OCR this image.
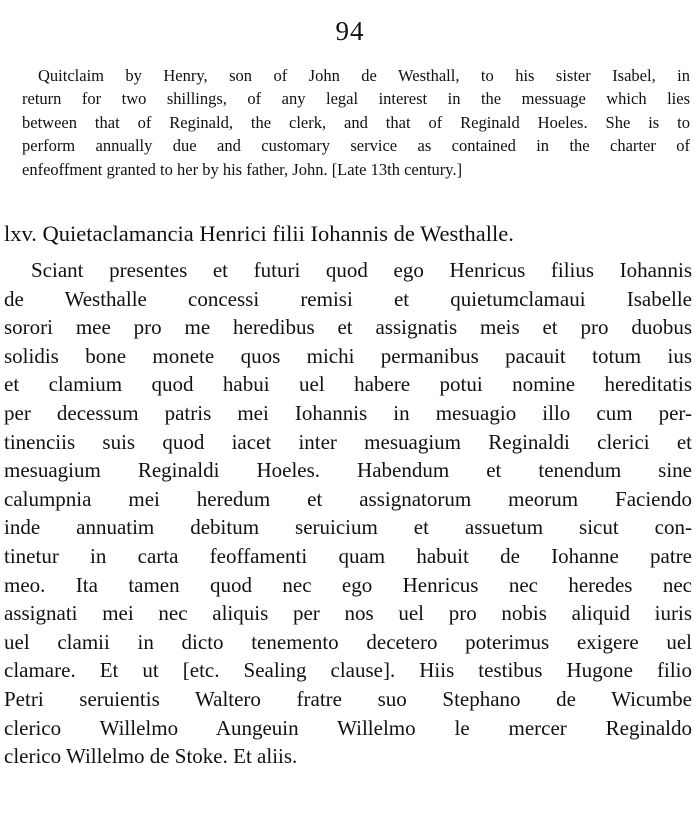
94
Quitclaim by Henry, son of John de Westhall, to his sister Isabel, in
return for two shillings, of any legal interest in the messuage which lies
between that of Reginald, the clerk, and that of Reginald Hoeles. She is to
perform annually due and customary service as contained in the charter of
enfeoffment granted to her by his father, John. [Late 13th century.]
lxv. Quietaclamancia Henrici filii Iohannis de Westhalle.
Sciant presentes et futuri quod ego Henricus filius Iohannis
de Westhalle concessi remisi et quietumclamaui Isabelle
sorori mee pro me heredibus et assignatis meis et pro duobus
solidis bone monete quos michi permanibus pacauit totum ius
et clamium quod habui uel habere potui nomine hereditatis
per decessum patris mei Iohannis in mesuagio illo cum per-
tinenciis suis quod iacet inter mesuagium Reginaldi clerici et
mesuagium Reginaldi Hoeles. Habendum et tenendum sine
calumpnia mei heredum et assignatorum meorum Faciendo
inde annuatim debitum seruicium et assuetum sicut con-
tinetur in carta feoffamenti quam habuit de Iohanne patre
meo. Ita tamen quod nec ego Henricus nec heredes nec
assignati mei nec aliquis per nos uel pro nobis aliquid iuris
uel clamii in dicto tenemento decetero poterimus exigere uel
clamare. Et ut [etc. Sealing clause]. Hiis testibus Hugone filio
Petri seruientis Waltero fratre suo Stephano de Wicumbe
clerico Willelmo Aungeuin Willelmo le mercer Reginaldo
clerico Willelmo de Stoke. Et aliis.
